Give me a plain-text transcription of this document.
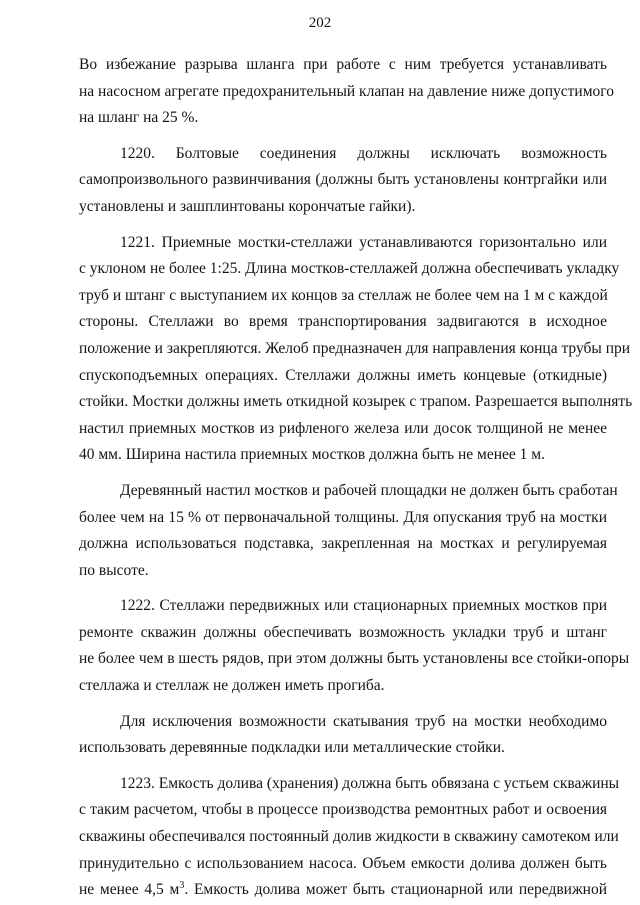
202

Во избежание разрыва шланга при работе с ним требуется устанавливать
на насосном агрегате предохранительный клапан на давление ниже допустимого
на шланг на 25 %.

1220. Болтовые соединения должны исключать возможность
самопроизвольного развинчивания (должны быть установлены контргайки или
установлены и зашплинтованы корончатые гайки).

1221. Приемные мостки-стеллажи устанавливаются горизонтально или
с уклоном не более 1:25. Длина мостков-стеллажей должна обеспечивать укладку
труб и штанг с выступанием их концов за стеллаж не более чем на 1 м с каждой
стороны. Стеллажи во время транспортирования задвигаются в исходное
положение и закрепляются. Желоб предназначен для направления конца трубы при
спускоподъемных операциях. Стеллажи должны иметь концевые (откидные)
стойки. Мостки должны иметь откидной козырек с трапом. Разрешается выполнять
настил приемных мостков из рифленого железа или досок толщиной не менее
40 мм. Ширина настила приемных мостков должна быть не менее 1 м.

Деревянный настил мостков и рабочей площадки не должен быть сработан
более чем на 15 % от первоначальной толщины. Для опускания труб на мостки
должна использоваться подставка, закрепленная на мостках и регулируемая
по высоте.

1222. Стеллажи передвижных или стационарных приемных мостков при
ремонте скважин должны обеспечивать возможность укладки труб и штанг
не более чем в шесть рядов, при этом должны быть установлены все стойки-опоры
стеллажа и стеллаж не должен иметь прогиба.

Для исключения возможности скатывания труб на мостки необходимо
использовать деревянные подкладки или металлические стойки.

1223. Емкость долива (хранения) должна быть обвязана с устьем скважины
с таким расчетом, чтобы в процессе производства ремонтных работ и освоения
скважины обеспечивался постоянный долив жидкости в скважину самотеком или
принудительно с использованием насоса. Объем емкости долива должен быть
не менее 4,5 $м^3$. Емкость долива может быть стационарной или передвижной
